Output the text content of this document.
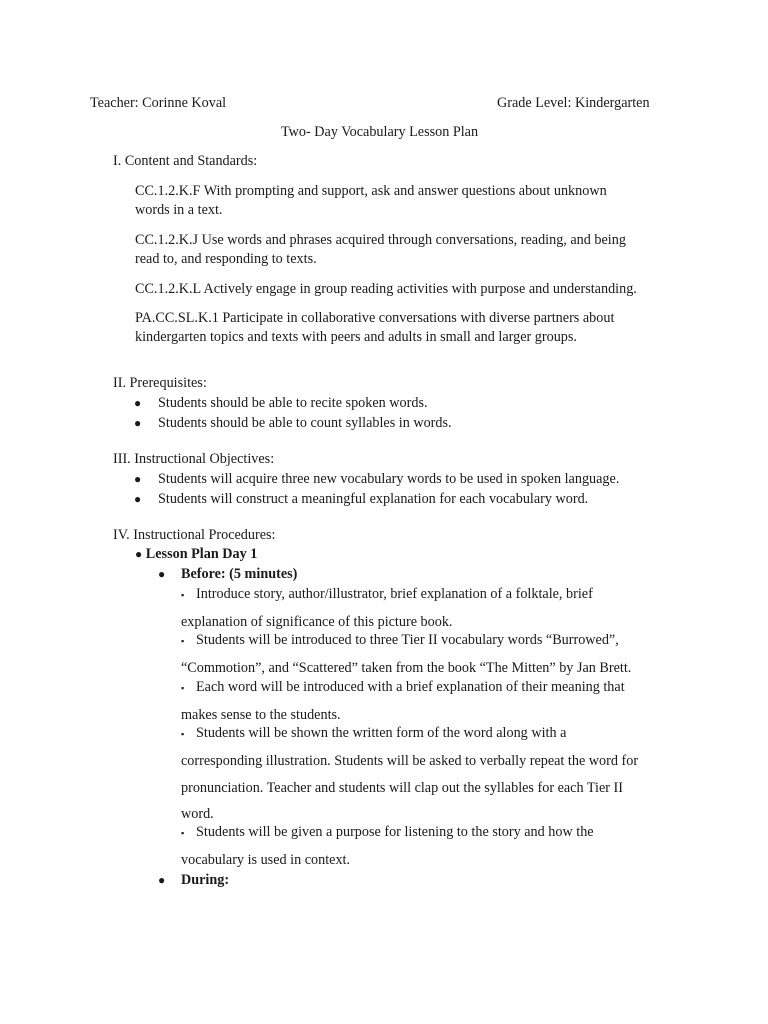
Teacher: Corinne Koval	Grade Level: Kindergarten
Two- Day Vocabulary Lesson Plan
I. Content and Standards:
CC.1.2.K.F With prompting and support, ask and answer questions about unknown
words in a text.
CC.1.2.K.J Use words and phrases acquired through conversations, reading, and being
read to, and responding to texts.
CC.1.2.K.L Actively engage in group reading activities with purpose and understanding.
PA.CC.SL.K.1 Participate in collaborative conversations with diverse partners about
kindergarten topics and texts with peers and adults in small and larger groups.
II. Prerequisites:
● Students should be able to recite spoken words.
● Students should be able to count syllables in words.
III. Instructional Objectives:
● Students will acquire three new vocabulary words to be used in spoken language.
● Students will construct a meaningful explanation for each vocabulary word.
IV. Instructional Procedures:
● Lesson Plan Day 1
● Before: (5 minutes)
▪ Introduce story, author/illustrator, brief explanation of a folktale, brief
explanation of significance of this picture book.
▪ Students will be introduced to three Tier II vocabulary words “Burrowed”,
“Commotion”, and “Scattered” taken from the book “The Mitten” by Jan Brett.
▪ Each word will be introduced with a brief explanation of their meaning that
makes sense to the students.
▪ Students will be shown the written form of the word along with a
corresponding illustration. Students will be asked to verbally repeat the word for
pronunciation. Teacher and students will clap out the syllables for each Tier II
word.
▪ Students will be given a purpose for listening to the story and how the
vocabulary is used in context.
● During:
